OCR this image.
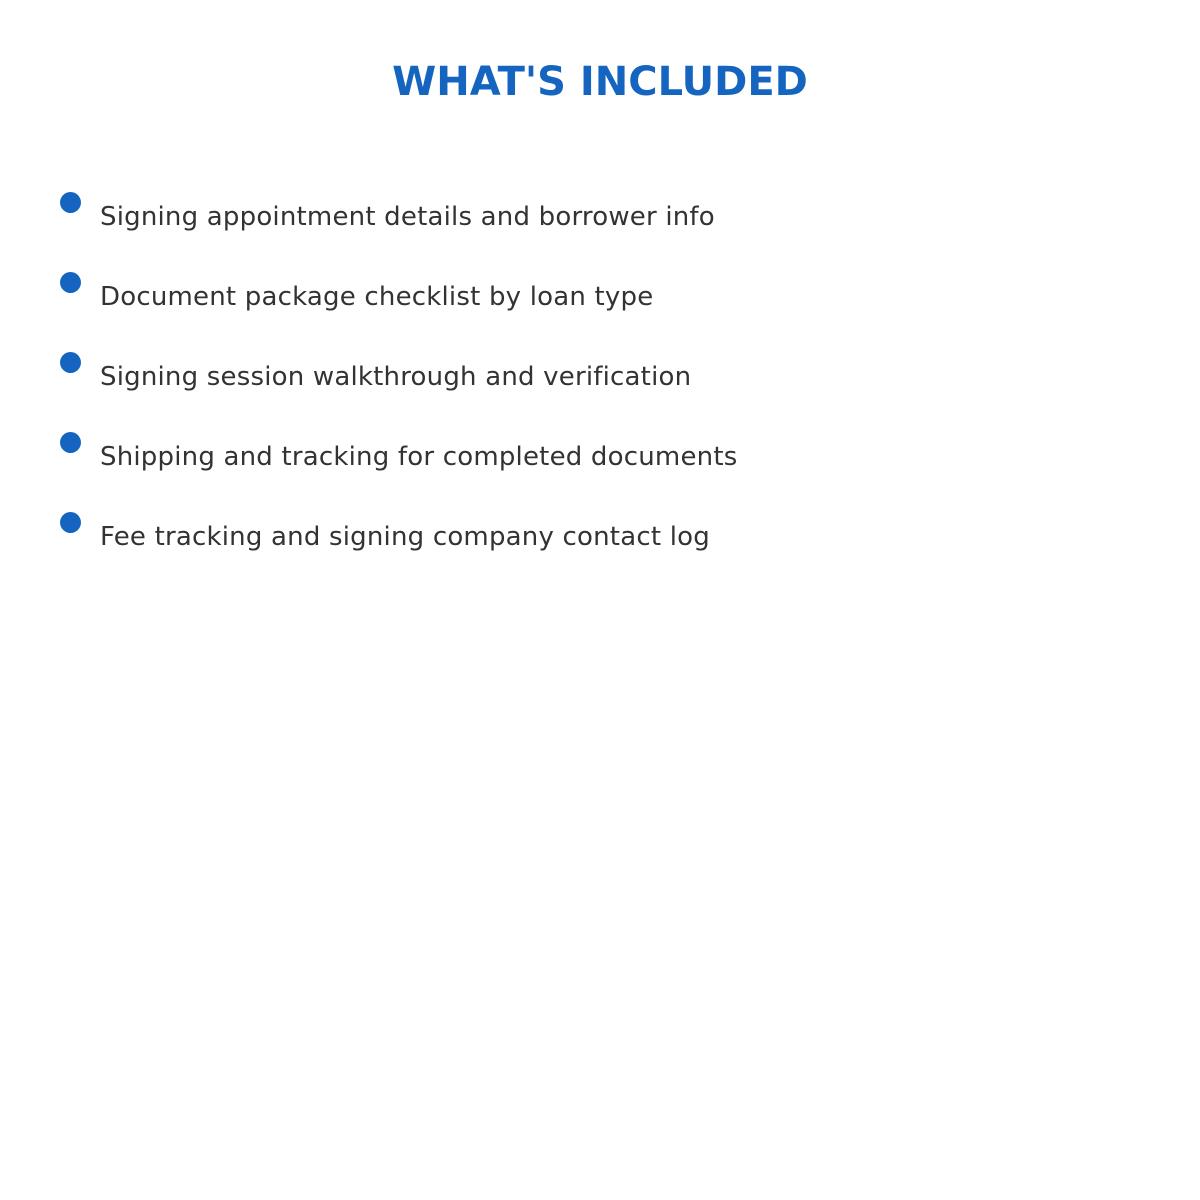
WHAT'S INCLUDED
Signing appointment details and borrower info
Document package checklist by loan type
Signing session walkthrough and verification
Shipping and tracking for completed documents
Fee tracking and signing company contact log
